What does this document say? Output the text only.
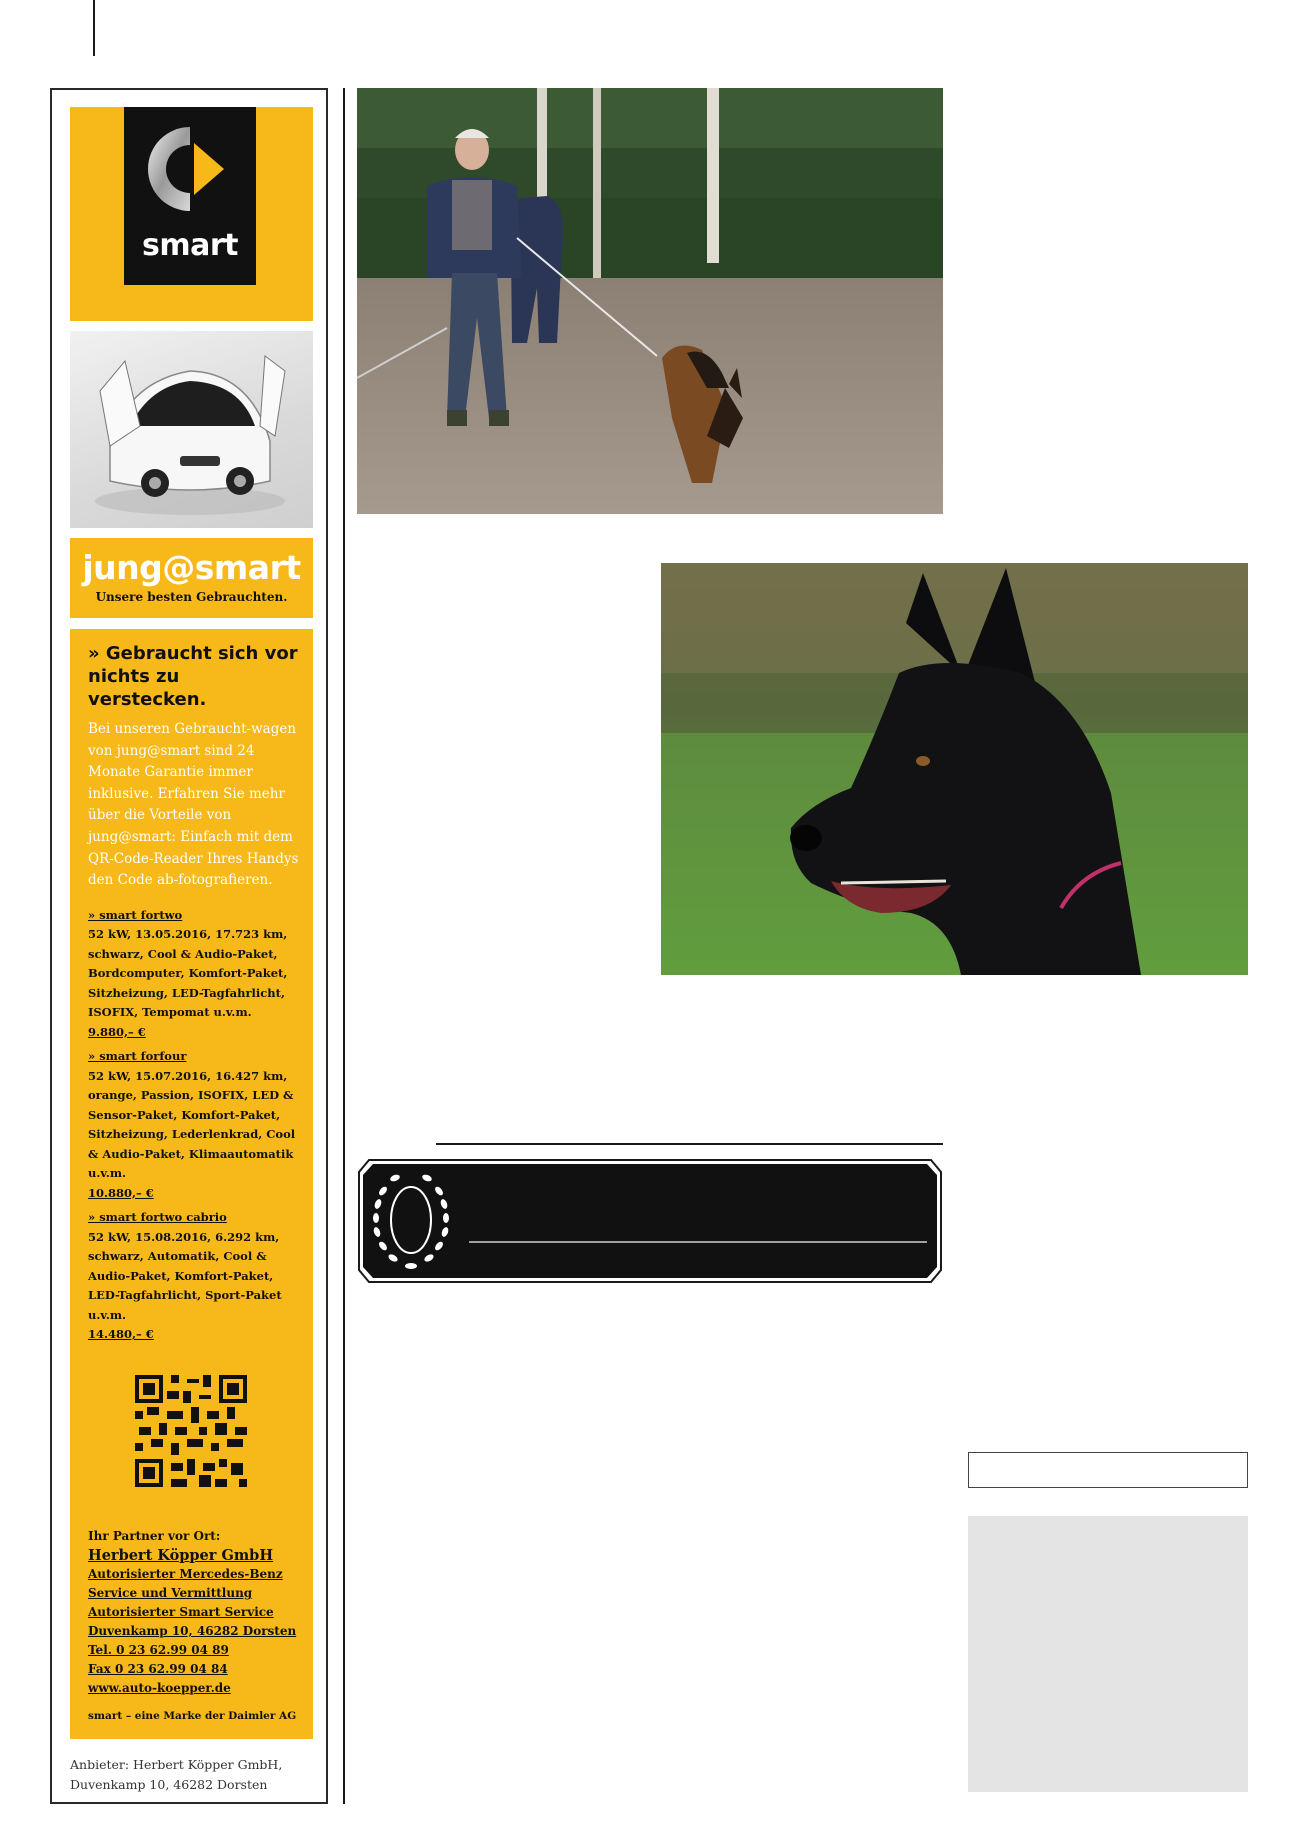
smart
jung@smart
Unsere besten Gebrauchten.

» Gebraucht sich vor nichts zu verstecken.

Bei unseren Gebraucht-wagen von jung@smart sind 24 Monate Garantie immer inklusive. Erfahren Sie mehr über die Vorteile von jung@smart: Einfach mit dem QR-Code-Reader Ihres Handys den Code ab-fotografieren.

» smart fortwo
52 kW, 13.05.2016, 17.723 km, schwarz, Cool & Audio-Paket, Bordcomputer, Komfort-Paket, Sitzheizung, LED-Tagfahrlicht, ISOFIX, Tempomat u.v.m.
9.880,– €
» smart forfour
52 kW, 15.07.2016, 16.427 km, orange, Passion, ISOFIX, LED & Sensor-Paket, Komfort-Paket, Sitzheizung, Lederlenkrad, Cool & Audio-Paket, Klimaautomatik u.v.m.
10.880,– €
» smart fortwo cabrio
52 kW, 15.08.2016, 6.292 km, schwarz, Automatik, Cool & Audio-Paket, Komfort-Paket, LED-Tagfahrlicht, Sport-Paket u.v.m.
14.480,– €
Ihr Partner vor Ort:
Herbert Köpper GmbH
Autorisierter Mercedes-Benz
Service und Vermittlung
Autorisierter Smart Service
Duvenkamp 10, 46282 Dorsten
Tel. 0 23 62.99 04 89
Fax 0 23 62.99 04 84
www.auto-koepper.de
smart – eine Marke der Daimler AG
Anbieter: Herbert Köpper GmbH, Duvenkamp 10, 46282 Dorsten
